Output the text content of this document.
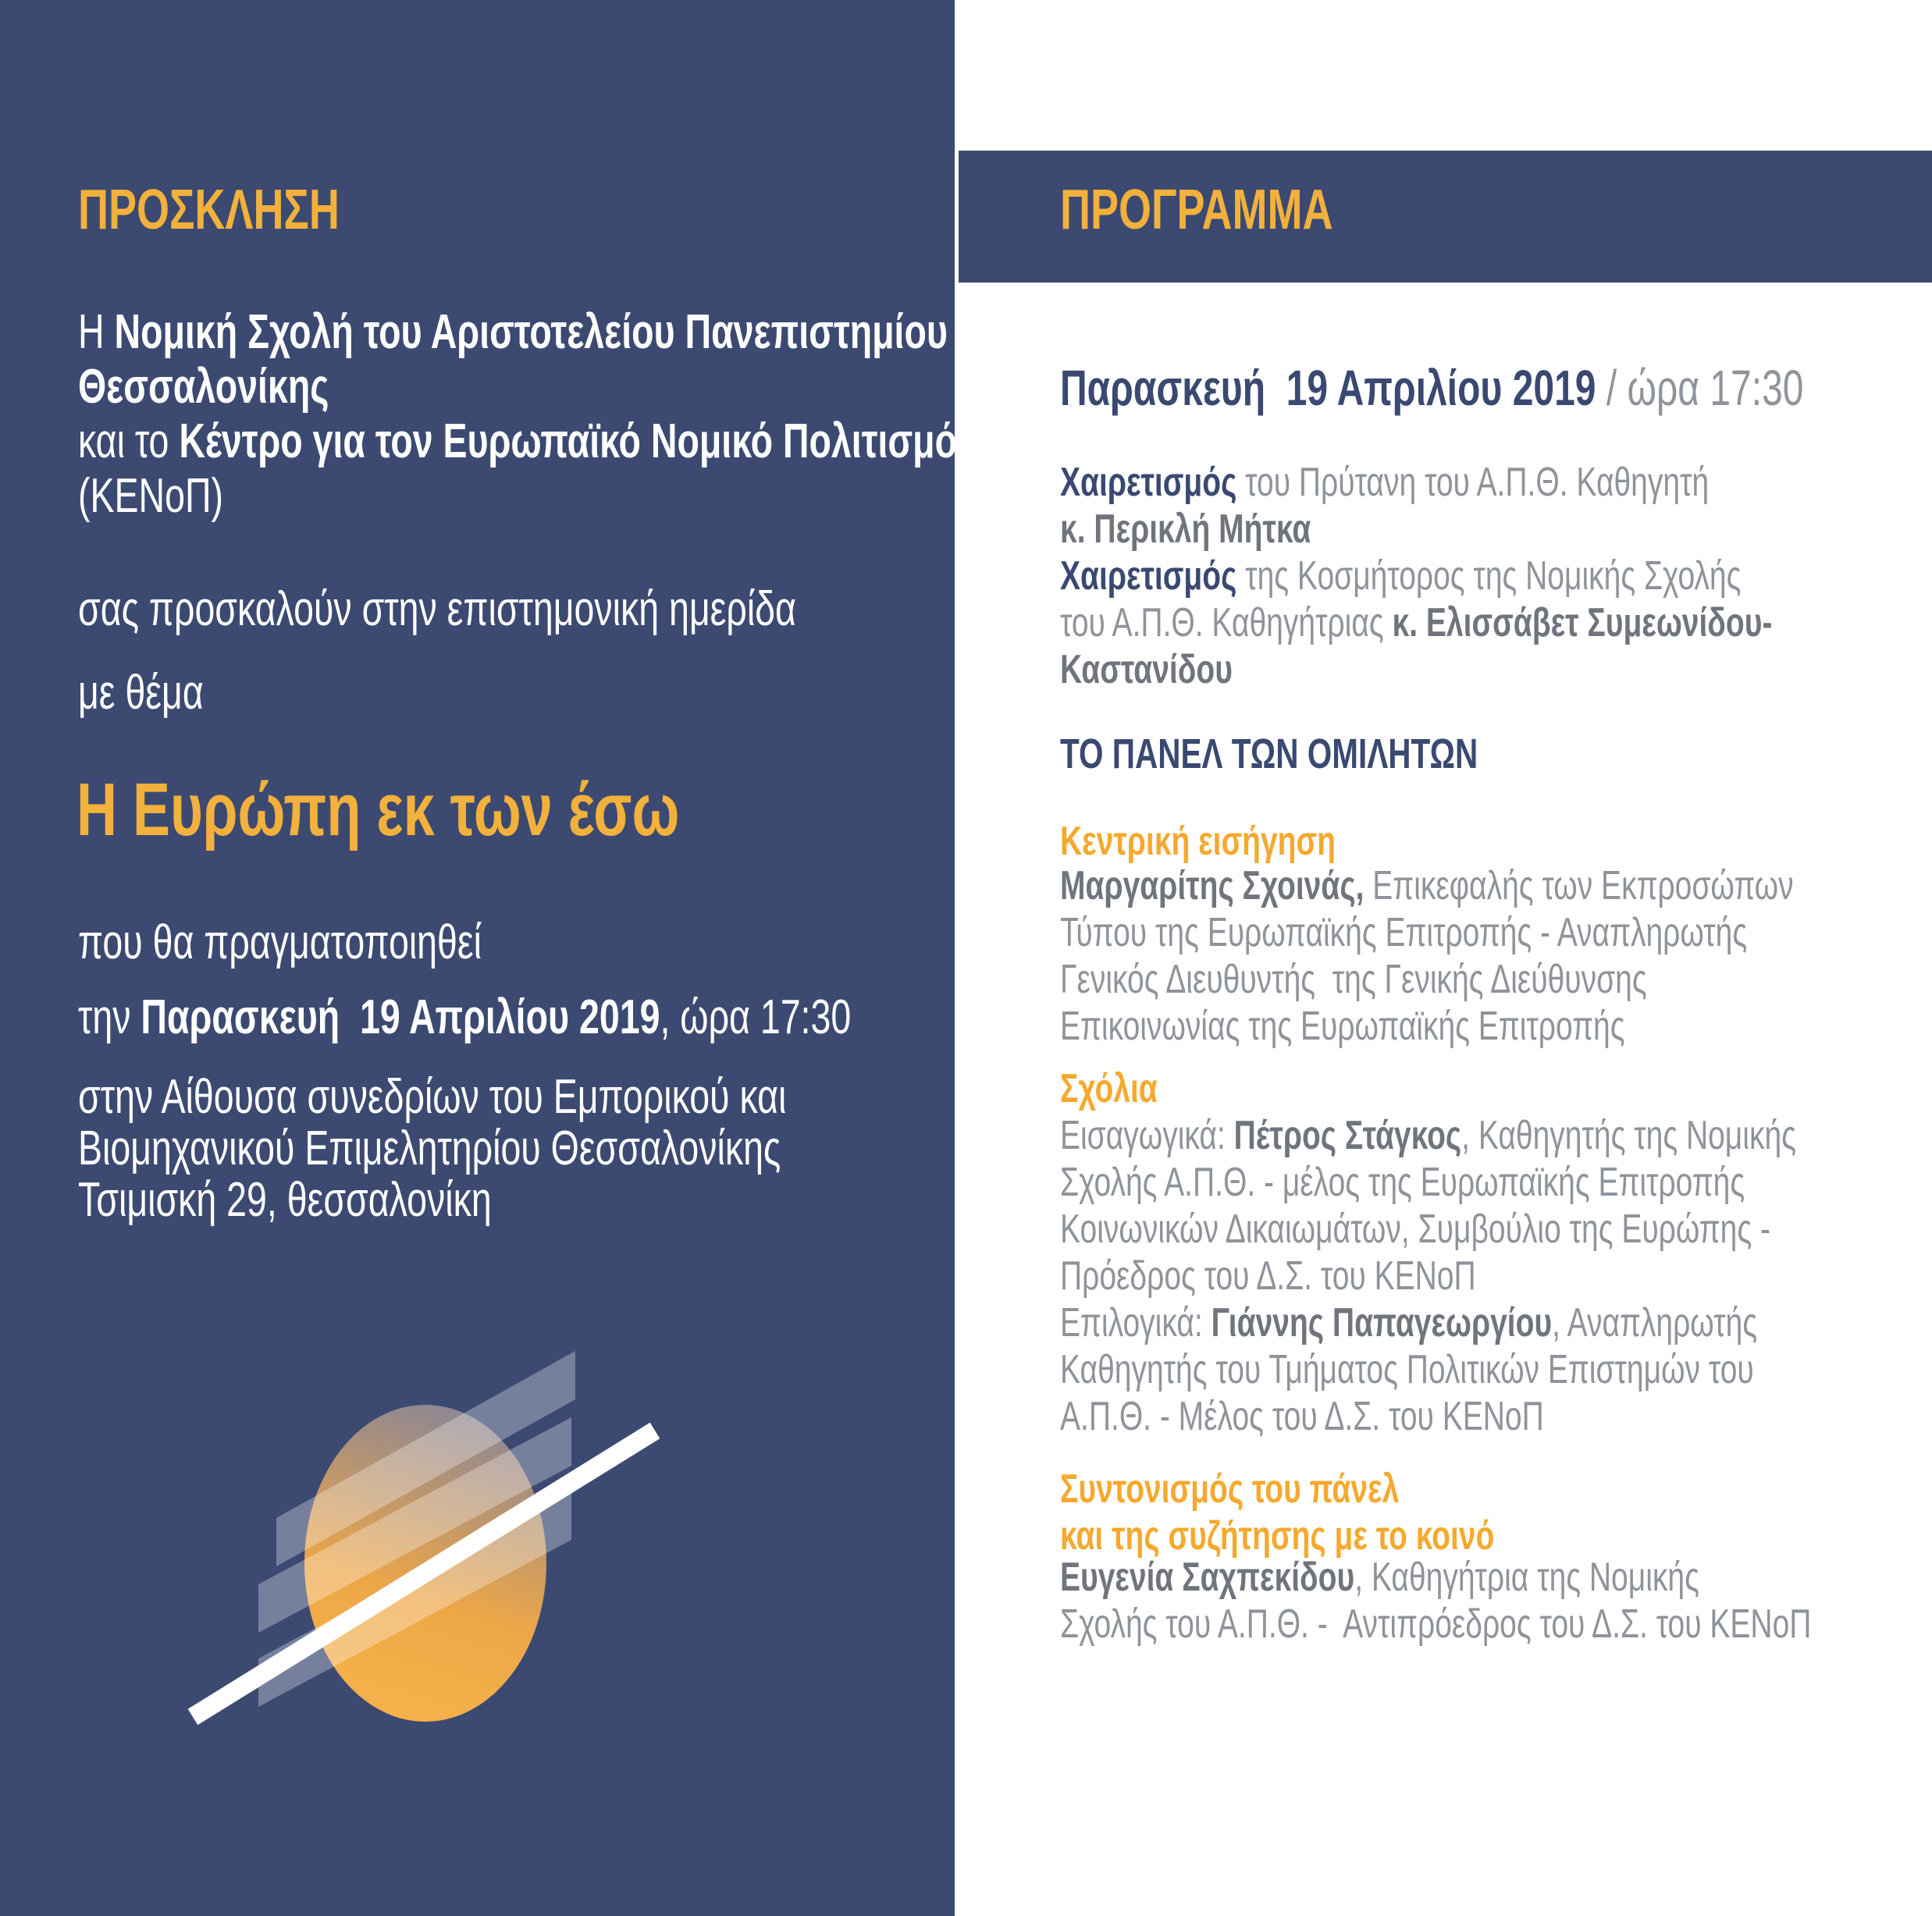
ΠΡΟΣΚΛΗΣΗ
Η Νομική Σχολή του Αριστοτελείου Πανεπιστημίου
Θεσσαλονίκης
και το Κέντρο για τον Ευρωπαϊκό Νομικό Πολιτισμό
(ΚΕΝοΠ)
σας προσκαλούν στην επιστημονική ημερίδα
με θέμα
Η Ευρώπη εκ των έσω
που θα πραγματοποιηθεί
την Παρασκευή  19 Απριλίου 2019, ώρα 17:30
στην Αίθουσα συνεδρίων του Εμπορικού και
Βιομηχανικού Επιμελητηρίου Θεσσαλονίκης
Τσιμισκή 29, θεσσαλονίκη
ΠΡΟΓΡΑΜΜΑ
Παρασκευή  19 Απριλίου 2019 / ώρα 17:30
Χαιρετισμός του Πρύτανη του Α.Π.Θ. Καθηγητή
κ. Περικλή Μήτκα
Χαιρετισμός της Κοσμήτορος της Νομικής Σχολής
του Α.Π.Θ. Καθηγήτριας κ. Ελισσάβετ Συμεωνίδου-
Καστανίδου
ΤΟ ΠΑΝΕΛ ΤΩΝ ΟΜΙΛΗΤΩΝ
Κεντρική εισήγηση
Μαργαρίτης Σχοινάς, Επικεφαλής των Εκπροσώπων
Τύπου της Ευρωπαϊκής Επιτροπής - Αναπληρωτής
Γενικός Διευθυντής  της Γενικής Διεύθυνσης
Επικοινωνίας της Ευρωπαϊκής Επιτροπής
Σχόλια
Εισαγωγικά: Πέτρος Στάγκος, Καθηγητής της Νομικής
Σχολής Α.Π.Θ. - μέλος της Ευρωπαϊκής Επιτροπής
Κοινωνικών Δικαιωμάτων, Συμβούλιο της Ευρώπης -
Πρόεδρος του Δ.Σ. του ΚΕΝοΠ
Επιλογικά: Γιάννης Παπαγεωργίου, Αναπληρωτής
Καθηγητής του Τμήματος Πολιτικών Επιστημών του
Α.Π.Θ. - Μέλος του Δ.Σ. του ΚΕΝοΠ
Συντονισμός του πάνελ
και της συζήτησης με το κοινό
Ευγενία Σαχπεκίδου, Καθηγήτρια της Νομικής
Σχολής του Α.Π.Θ. -  Αντιπρόεδρος του Δ.Σ. του ΚΕΝοΠ
